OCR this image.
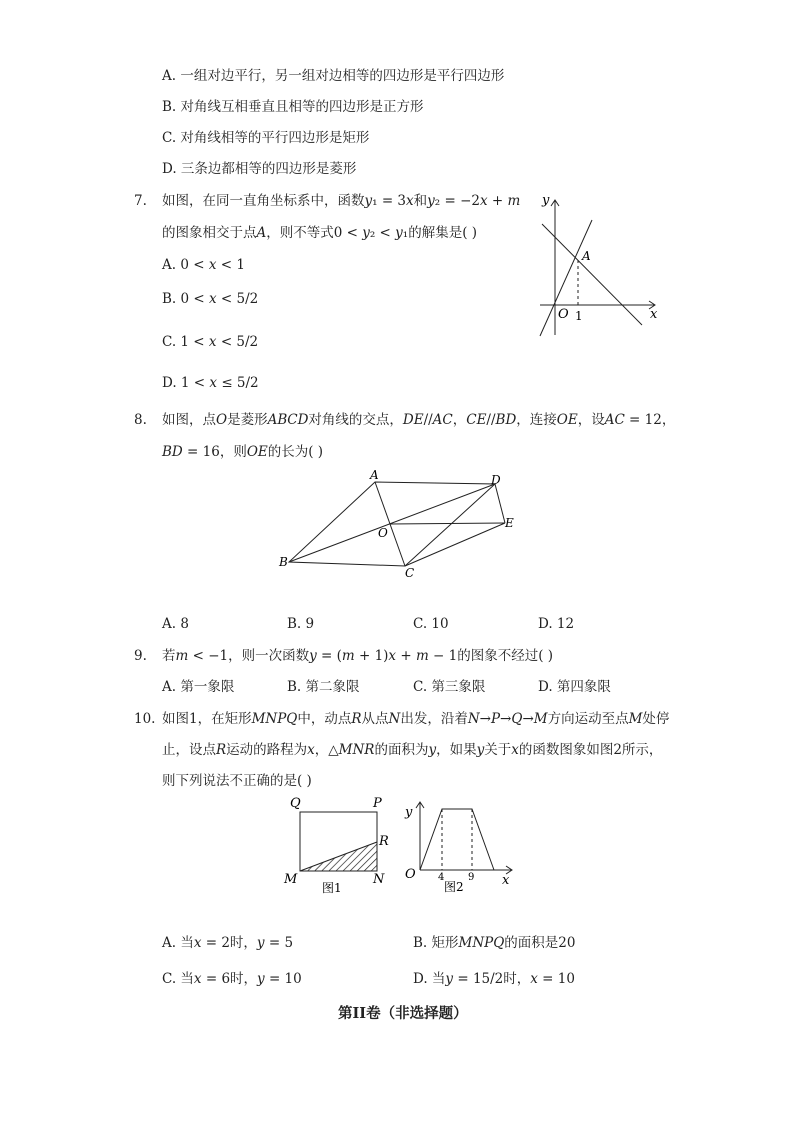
A. 一组对边平行，另一组对边相等的四边形是平行四边形
B. 对角线互相垂直且相等的四边形是正方形
C. 对角线相等的平行四边形是矩形
D. 三条边都相等的四边形是菱形
7. 如图，在同一直角坐标系中，函数𝑦₁ = 3𝑥和𝑦₂ = −2𝑥 + 𝑚
的图象相交于点𝐴，则不等式0 < 𝑦₂ < 𝑦₁的解集是( )
A. 0 < 𝑥 < 1
B. 0 < 𝑥 < 5/2
C. 1 < 𝑥 < 5/2
D. 1 < 𝑥 ≤ 5/2
y
x
O
A
1
8. 如图，点𝑂是菱形𝐴𝐵𝐶𝐷对角线的交点，𝐷𝐸//𝐴𝐶，𝐶𝐸//𝐵𝐷，连接𝑂𝐸，设𝐴𝐶 = 12，
𝐵𝐷 = 16，则𝑂𝐸的长为( )
A
B
C
D
E
O
A. 8	B. 9	C. 10	D. 12
9. 若𝑚 < −1，则一次函数𝑦 = (𝑚 + 1)𝑥 + 𝑚 − 1的图象不经过( )
A. 第一象限	B. 第二象限	C. 第三象限	D. 第四象限
10. 如图1，在矩形𝑀𝑁𝑃𝑄中，动点𝑅从点𝑁出发，沿着𝑁→𝑃→𝑄→𝑀方向运动至点𝑀处停
止，设点𝑅运动的路程为𝑥，△𝑀𝑁𝑅的面积为𝑦，如果𝑦关于𝑥的函数图象如图2所示，
则下列说法不正确的是( )
Q	P
M	N
R
图1
y
x
O 4 9
图2
A. 当𝑥 = 2时，𝑦 = 5	B. 矩形𝑀𝑁𝑃𝑄的面积是20
C. 当𝑥 = 6时，𝑦 = 10	D. 当𝑦 = 15/2时，𝑥 = 10
第II卷（非选择题）
